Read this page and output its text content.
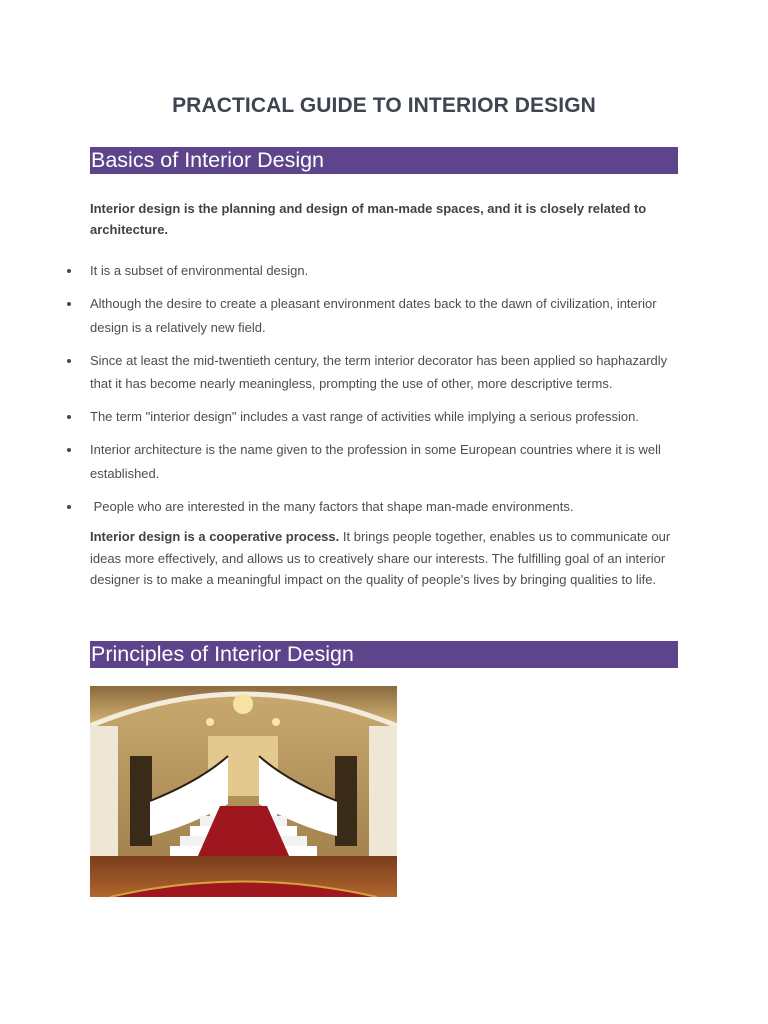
PRACTICAL GUIDE TO INTERIOR DESIGN
Basics of Interior Design
Interior design is the planning and design of man-made spaces, and it is closely related to architecture.
It is a subset of environmental design.
Although the desire to create a pleasant environment dates back to the dawn of civilization, interior design is a relatively new field.
Since at least the mid-twentieth century, the term interior decorator has been applied so haphazardly that it has become nearly meaningless, prompting the use of other, more descriptive terms.
The term "interior design" includes a vast range of activities while implying a serious profession.
Interior architecture is the name given to the profession in some European countries where it is well established.
People who are interested in the many factors that shape man-made environments.
Interior design is a cooperative process. It brings people together, enables us to communicate our ideas more effectively, and allows us to creatively share our interests. The fulfilling goal of an interior designer is to make a meaningful impact on the quality of people's lives by bringing qualities to life.
Principles of Interior Design
